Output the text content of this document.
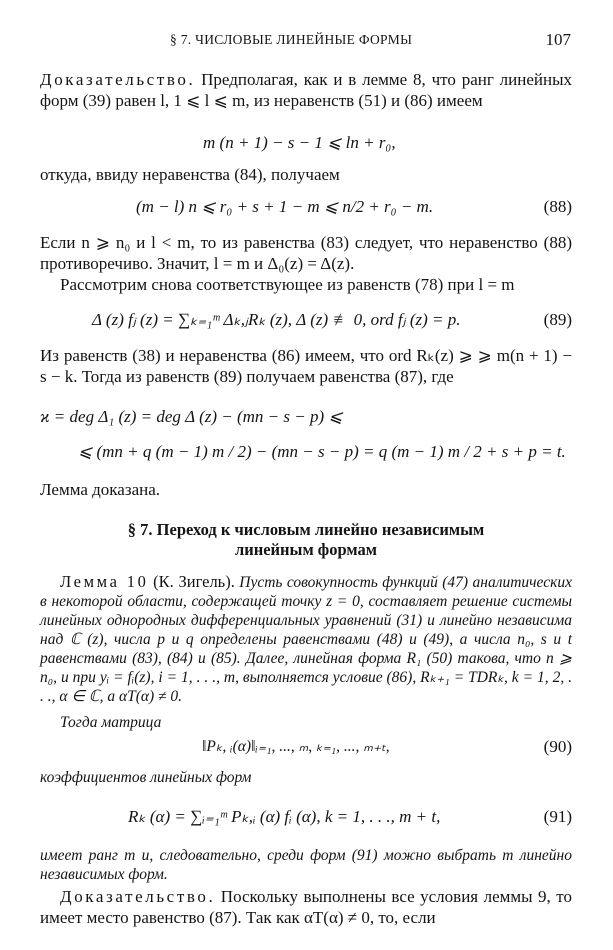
§ 7. ЧИСЛОВЫЕ ЛИНЕЙНЫЕ ФОРМЫ	107
Доказательство. Предполагая, как и в лемме 8, что ранг линейных форм (39) равен l, 1 ⩽ l ⩽ m, из неравенств (51) и (86) имеем
m (n + 1) − s − 1 ⩽ ln + r₀,
откуда, ввиду неравенства (84), получаем
(m − l) n ⩽ r₀ + s + 1 − m ⩽ n/2 + r₀ − m.	(88)
Если n ⩾ n₀ и l < m, то из равенства (83) следует, что неравенство (88) противоречиво. Значит, l = m и Δ₀(z) = Δ(z).
Рассмотрим снова соответствующее из равенств (78) при l = m
Δ (z) fⱼ (z) = ∑ₖ₌₁ᵐ Δₖ,ⱼRₖ (z), Δ (z) ≢ 0, ord fⱼ (z) = p.	(89)
Из равенств (38) и неравенства (86) имеем, что ord Rₖ(z) ⩾ ⩾ m(n + 1) − s − k. Тогда из равенств (89) получаем равенства (87), где
ϰ = deg Δ₁ (z) = deg Δ (z) − (mn − s − p) ⩽
⩽ (mn + q (m − 1) m / 2) − (mn − s − p) = q (m − 1) m / 2 + s + p = t.
Лемма доказана.
§ 7. Переход к числовым линейно независимым
линейным формам
Лемма 10 (К. Зигель). Пусть совокупность функций (47) аналитических в некоторой области, содержащей точку z = 0, составляет решение системы линейных однородных дифференциальных уравнений (31) и линейно независима над ℂ (z), числа p и q определены равенствами (48) и (49), а числа n₀, s и t равенствами (83), (84) и (85). Далее, линейная форма R₁ (50) такова, что n ⩾ n₀, и при yᵢ = fᵢ(z), i = 1, . . ., m, выполняется условие (86), Rₖ₊₁ = TDRₖ, k = 1, 2, . . ., α ∈ ℂ, a αT(α) ≠ 0.
Тогда матрица
‖Pₖ, ᵢ(α)‖ᵢ₌₁, ..., ₘ, ₖ₌₁, ..., ₘ₊ₜ,	(90)
коэффициентов линейных форм
Rₖ (α) = ∑ᵢ₌₁ᵐ Pₖ,ᵢ (α) fᵢ (α), k = 1, . . ., m + t,	(91)
имеет ранг m и, следовательно, среди форм (91) можно выбрать m линейно независимых форм.
Доказательство. Поскольку выполнены все условия леммы 9, то имеет место равенство (87). Так как αT(α) ≠ 0, то, если
